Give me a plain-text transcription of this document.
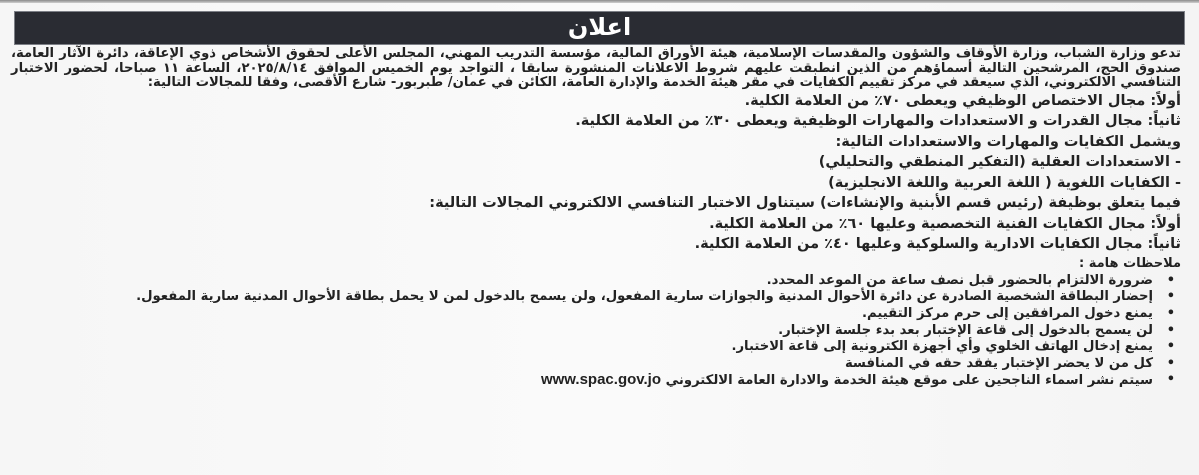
اعلان

تدعو وزارة الشباب، وزارة الأوقاف والشؤون والمقدسات الإسلامية، هيئة الأوراق المالية، مؤسسة التدريب المهني، المجلس الأعلى لحقوق الأشخاص ذوي الإعاقة، دائرة الآثار العامة، صندوق الحج، المرشحين التالية أسماؤهم من الذين انطبقت عليهم شروط الاعلانات المنشورة سابقا ، التواجد يوم الخميس الموافق ٢٠٢٥/٨/١٤، الساعة ١١ صباحا، لحضور الاختبار التنافسي الالكتروني، الذي سيعقد في مركز تقييم الكفايات في مقر هيئة الخدمة والإدارة العامة، الكائن في عمان/ طبربور- شارع الأقصى، وفقا للمجالات التالية:

أولاً: مجال الاختصاص الوظيفي ويعطى ٧٠٪ من العلامة الكلية.

ثانياً: مجال القدرات و الاستعدادات والمهارات الوظيفية ويعطى ٣٠٪ من العلامة الكلية.

ويشمل الكفايات والمهارات والاستعدادات التالية:

- الاستعدادات العقلية (التفكير المنطقي والتحليلي)

- الكفايات اللغوية ( اللغة العربية واللغة الانجليزية)

فيما يتعلق بوظيفة (رئيس قسم الأبنية والإنشاءات) سيتناول الاختبار التنافسي الالكتروني المجالات التالية:

أولاً: مجال الكفايات الفنية التخصصية وعليها ٦٠٪ من العلامة الكلية.

ثانياً: مجال الكفايات الادارية والسلوكية وعليها ٤٠٪ من العلامة الكلية.

ملاحظات هامة :

•
ضرورة الالتزام بالحضور قبل نصف ساعة من الموعد المحدد.
•
إحضار البطاقة الشخصية الصادرة عن دائرة الأحوال المدنية والجوازات سارية المفعول، ولن يسمح بالدخول لمن لا يحمل بطاقة الأحوال المدنية سارية المفعول.
•
يمنع دخول المرافقين إلى حرم مركز التقييم.
•
لن يسمح بالدخول إلى قاعة الإختبار بعد بدء جلسة الإختبار.
•
يمنع إدخال الهاتف الخلوي وأي أجهزة الكترونية إلى قاعة الاختبار.
•
كل من لا يحضر الإختبار يفقد حقه في المنافسة
•
سيتم نشر اسماء الناجحين على موقع هيئة الخدمة والادارة العامة الالكتروني www.spac.gov.jo
